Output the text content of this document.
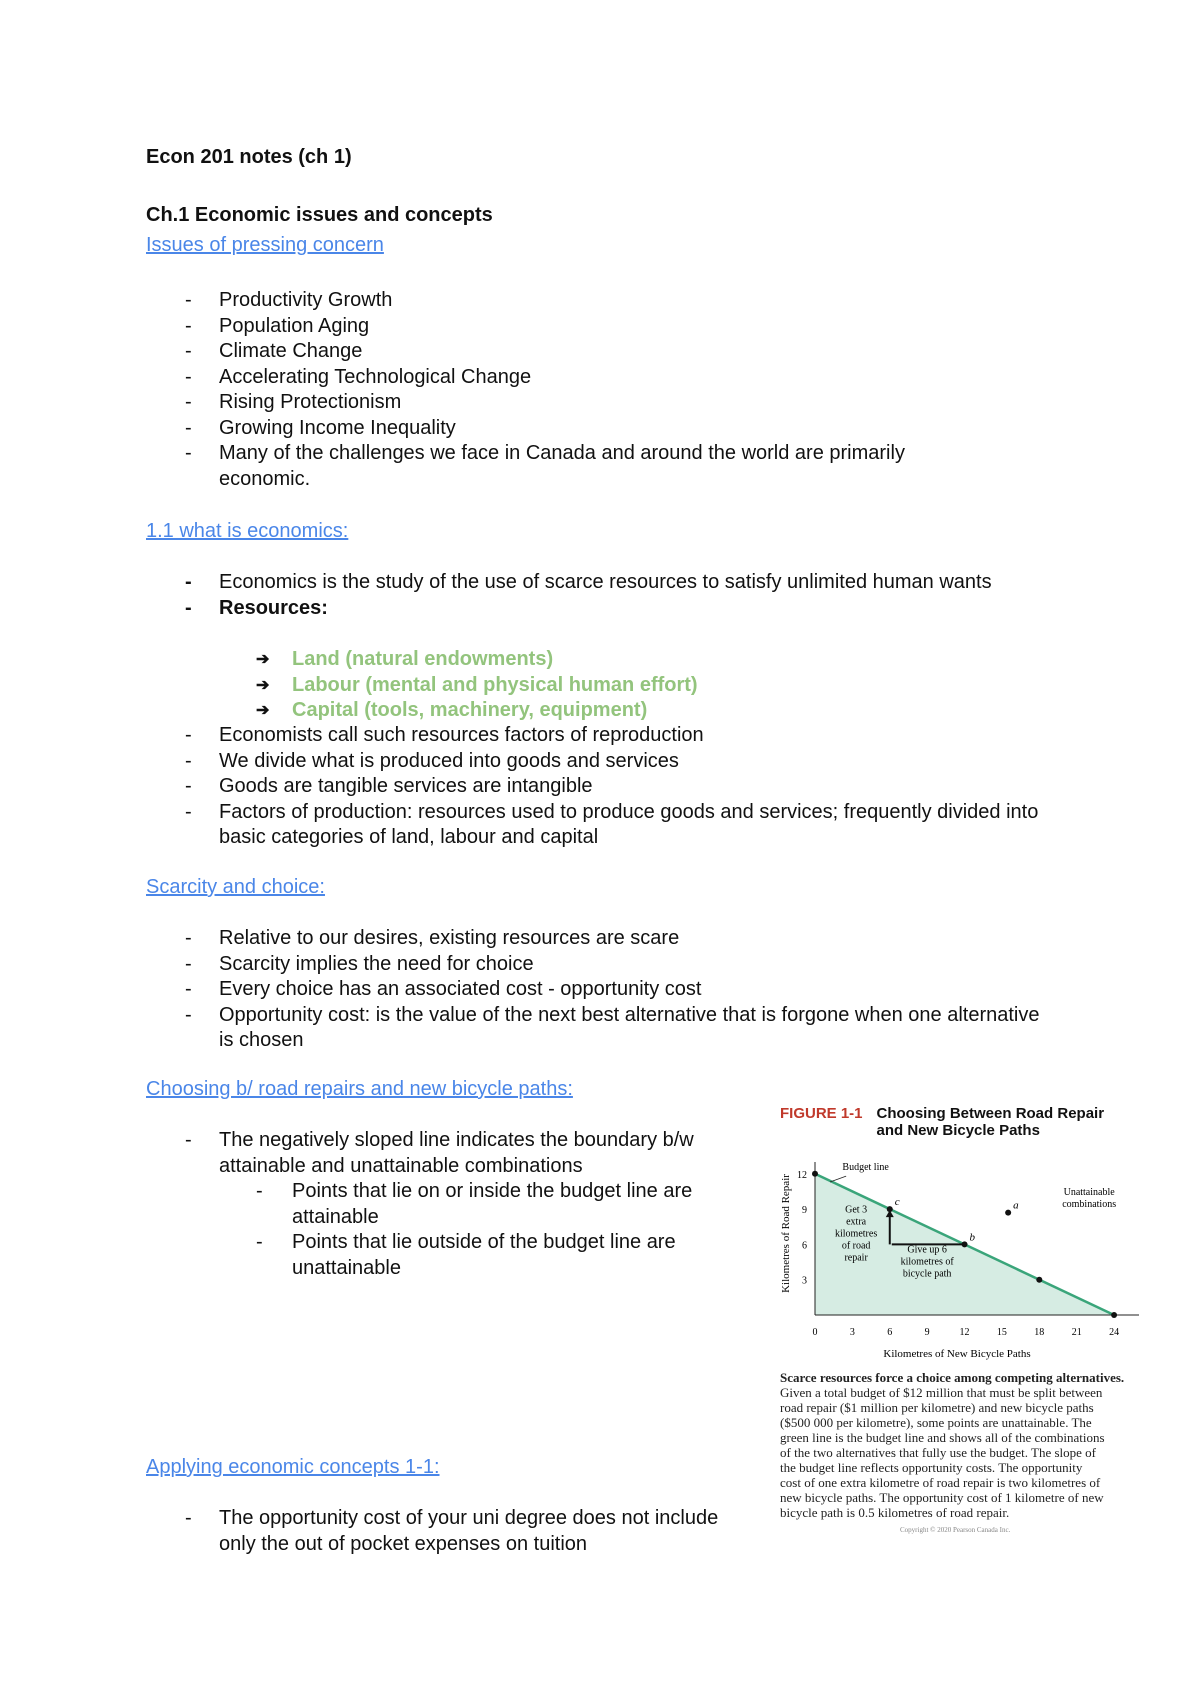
Econ 201 notes (ch 1)
Ch.1 Economic issues and concepts
Issues of pressing concern
- Productivity Growth
- Population Aging
- Climate Change
- Accelerating Technological Change
- Rising Protectionism
- Growing Income Inequality
- Many of the challenges we face in Canada and around the world are primarily economic.
1.1 what is economics:
- Economics is the study of the use of scarce resources to satisfy unlimited human wants
- Resources:
➔ Land (natural endowments)
➔ Labour (mental and physical human effort)
➔ Capital (tools, machinery, equipment)
- Economists call such resources factors of reproduction
- We divide what is produced into goods and services
- Goods are tangible services are intangible
- Factors of production: resources used to produce goods and services; frequently divided into basic categories of land, labour and capital
Scarcity and choice:
- Relative to our desires, existing resources are scare
- Scarcity implies the need for choice
- Every choice has an associated cost - opportunity cost
- Opportunity cost: is the value of the next best alternative that is forgone when one alternative is chosen
Choosing b/ road repairs and new bicycle paths:
- The negatively sloped line indicates the boundary b/w attainable and unattainable combinations
- Points that lie on or inside the budget line are attainable
- Points that lie outside of the budget line are unattainable
Applying economic concepts 1-1:
- The opportunity cost of your uni degree does not include only the out of pocket expenses on tuition
FIGURE 1-1 Choosing Between Road Repair
and New Bicycle Paths
0	3	6	9	12	15	18	21	24
3
6
9
12
Kilometres of New Bicycle Paths
Kilometres of Road Repair	a
b
c
Budget line
Unattainable
combinations
Get 3
extra
kilometres
of road
repair
Give up 6
kilometres of
bicycle path
Scarce resources force a choice among competing alternatives.
Given a total budget of $12 million that must be split between
road repair ($1 million per kilometre) and new bicycle paths
($500 000 per kilometre), some points are unattainable. The
green line is the budget line and shows all of the combinations
of the two alternatives that fully use the budget. The slope of
the budget line reflects opportunity costs. The opportunity
cost of one extra kilometre of road repair is two kilometres of
new bicycle paths. The opportunity cost of 1 kilometre of new
bicycle path is 0.5 kilometres of road repair.
Copyright © 2020 Pearson Canada Inc.
